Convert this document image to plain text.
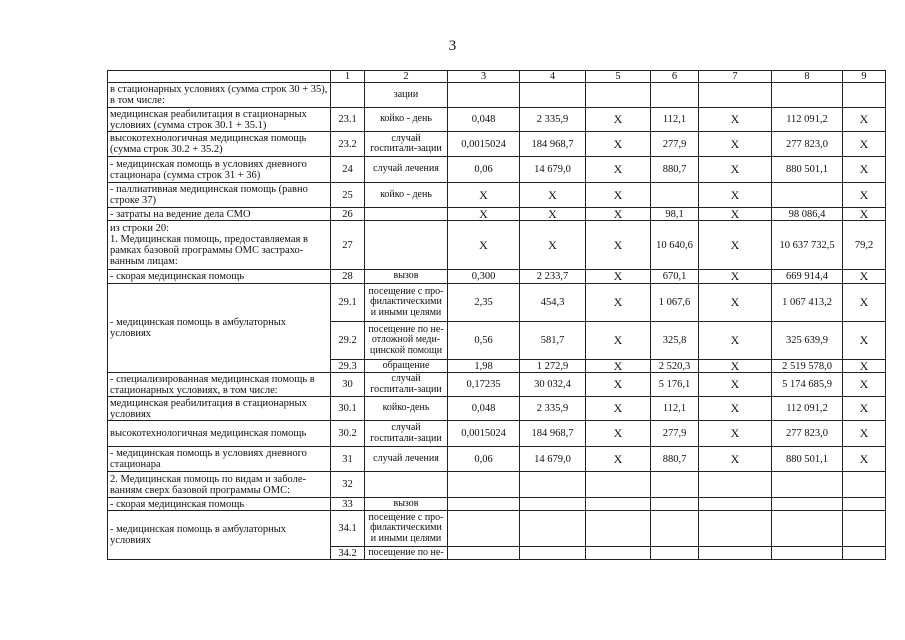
3
	1	2	3	4	5	6	7	8	9
в стационарных условиях (сумма строк 30 + 35), в том числе:		зации							
медицинская реабилитация в стационарных условиях (сумма строк 30.1 + 35.1)	23.1	койко - день	0,048	2 335,9	X	112,1	X	112 091,2	X
высокотехнологичная медицинская помощь (сумма строк 30.2 + 35.2)	23.2	случай госпитали-зации	0,0015024	184 968,7	X	277,9	X	277 823,0	X
- медицинская помощь в условиях дневного стационара (сумма строк 31 + 36)	24	случай лечения	0,06	14 679,0	X	880,7	X	880 501,1	X
- паллиативная медицинская помощь (равно строке 37)	25	койко - день	X	X	X		X		X
- затраты на ведение дела СМО	26		X	X	X	98,1	X	98 086,4	X
из строки 20:
1. Медицинская помощь, предоставляемая в рамках базовой программы ОМС застрахо-ванным лицам:	27		X	X	X	10 640,6	X	10 637 732,5	79,2
- скорая медицинская помощь	28	вызов	0,300	2 233,7	X	670,1	X	669 914,4	X
- медицинская помощь в амбулаторных условиях	29.1	посещение с про-филактическими и иными целями	2,35	454,3	X	1 067,6	X	1 067 413,2	X
	29.2	посещение по не-отложной меди-цинской помощи	0,56	581,7	X	325,8	X	325 639,9	X
	29.3	обращение	1,98	1 272,9	X	2 520,3	X	2 519 578,0	X
- специализированная медицинская помощь в стационарных условиях, в том числе:	30	случай госпитали-зации	0,17235	30 032,4	X	5 176,1	X	5 174 685,9	X
медицинская реабилитация в стационарных условиях	30.1	койко-день	0,048	2 335,9	X	112,1	X	112 091,2	X
высокотехнологичная медицинская помощь	30.2	случай госпитали-зации	0,0015024	184 968,7	X	277,9	X	277 823,0	X
- медицинская помощь в условиях дневного стационара	31	случай лечения	0,06	14 679,0	X	880,7	X	880 501,1	X
2. Медицинская помощь по видам и заболе-ваниям сверх базовой программы ОМС:	32								
- скорая медицинская помощь	33	вызов							
- медицинская помощь в амбулаторных условиях	34.1	посещение с про-филактическими и иными целями							
	34.2	посещение по не-							
